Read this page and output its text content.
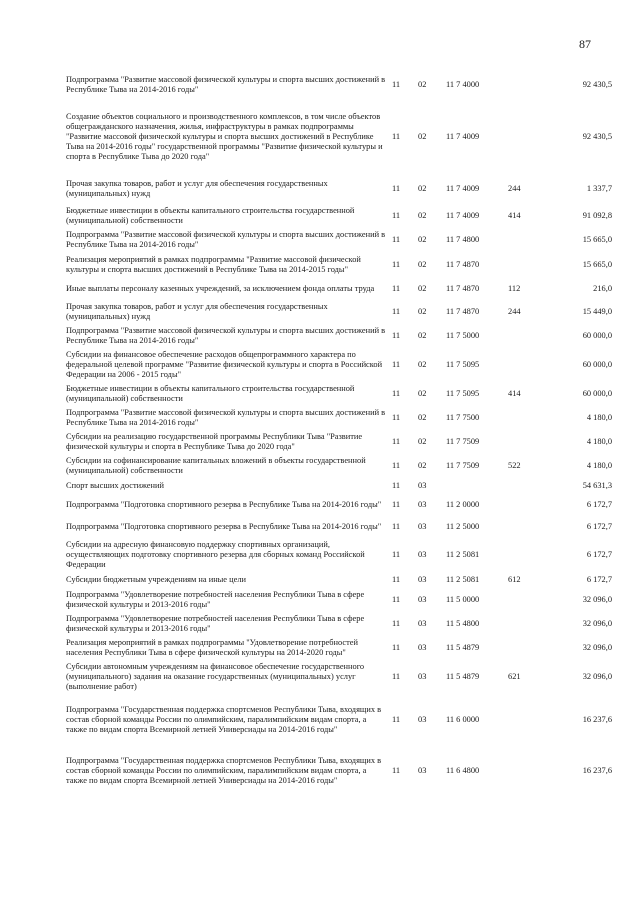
87
Подпрограмма "Развитие массовой физической культуры и спорта высших достижений в Республике Тыва на 2014-2016 годы"	11	02	11 7 4000		92 430,5
Создание объектов социального и производственного комплексов, в том числе объектов общегражданского назначения, жилья, инфраструктуры в рамках подпрограммы "Развитие массовой физической культуры и спорта высших достижений в Республике Тыва на 2014-2016 годы" государственной программы "Развитие физической культуры и спорта в Республике Тыва до 2020 года"	11	02	11 7 4009		92 430,5
Прочая закупка товаров, работ и услуг для обеспечения государственных (муниципальных) нужд	11	02	11 7 4009	244	1 337,7
Бюджетные инвестиции в объекты капитального строительства государственной (муниципальной) собственности	11	02	11 7 4009	414	91 092,8
Подпрограмма "Развитие массовой физической культуры и спорта высших достижений в Республике Тыва на 2014-2016 годы"	11	02	11 7 4800		15 665,0
Реализация мероприятий в рамках подпрограммы "Развитие массовой физической культуры и спорта высших достижений в Республике Тыва на 2014-2015 годы"	11	02	11 7 4870		15 665,0
Иные выплаты персоналу казенных учреждений, за исключением фонда оплаты труда	11	02	11 7 4870	112	216,0
Прочая закупка товаров, работ и услуг для обеспечения государственных (муниципальных) нужд	11	02	11 7 4870	244	15 449,0
Подпрограмма "Развитие массовой физической культуры и спорта высших достижений в Республике Тыва на 2014-2016 годы"	11	02	11 7 5000		60 000,0
Субсидии на финансовое обеспечение расходов общепрограммного характера по федеральной целевой программе "Развитие физической культуры и спорта в Российской Федерации на 2006 - 2015 годы"	11	02	11 7 5095		60 000,0
Бюджетные инвестиции в объекты капитального строительства государственной (муниципальной) собственности	11	02	11 7 5095	414	60 000,0
Подпрограмма "Развитие массовой физической культуры и спорта высших достижений в Республике Тыва на 2014-2016 годы"	11	02	11 7 7500		4 180,0
Субсидии на реализацию государственной программы Республики Тыва "Развитие физической культуры и спорта в Республике Тыва до 2020 года"	11	02	11 7 7509		4 180,0
Субсидии на софинансирование капитальных вложений в объекты государственной (муниципальной) собственности	11	02	11 7 7509	522	4 180,0
Спорт высших достижений	11	03			54 631,3
Подпрограмма "Подготовка спортивного резерва в Республике Тыва на 2014-2016 годы"	11	03	11 2 0000		6 172,7
Подпрограмма "Подготовка спортивного резерва в Республике Тыва на 2014-2016 годы"	11	03	11 2 5000		6 172,7
Субсидии на адресную финансовую поддержку спортивных организаций, осуществляющих подготовку спортивного резерва для сборных команд Российской Федерации	11	03	11 2 5081		6 172,7
Субсидии бюджетным учреждениям на иные цели	11	03	11 2 5081	612	6 172,7
Подпрограмма "Удовлетворение потребностей населения Республики Тыва в сфере физической культуры и 2013-2016 годы"	11	03	11 5 0000		32 096,0
Подпрограмма "Удовлетворение потребностей населения Республики Тыва в сфере физической культуры и 2013-2016 годы"	11	03	11 5 4800		32 096,0
Реализация мероприятий в рамках подпрограммы "Удовлетворение потребностей населения Республики Тыва в сфере физической культуры на 2014-2020 годы"	11	03	11 5 4879		32 096,0
Субсидии автономным учреждениям на финансовое обеспечение государственного (муниципального) задания на оказание государственных (муниципальных) услуг (выполнение работ)	11	03	11 5 4879	621	32 096,0
Подпрограмма "Государственная поддержка спортсменов Республики Тыва, входящих в состав сборной команды России по олимпийским, паралимпийским видам спорта, а также по видам спорта Всемирной летней Универсиады на 2014-2016 годы"	11	03	11 6 0000		16 237,6
Подпрограмма "Государственная поддержка спортсменов Республики Тыва, входящих в состав сборной команды России по олимпийским, паралимпийским видам спорта, а также по видам спорта Всемирной летней Универсиады на 2014-2016 годы"	11	03	11 6 4800		16 237,6
